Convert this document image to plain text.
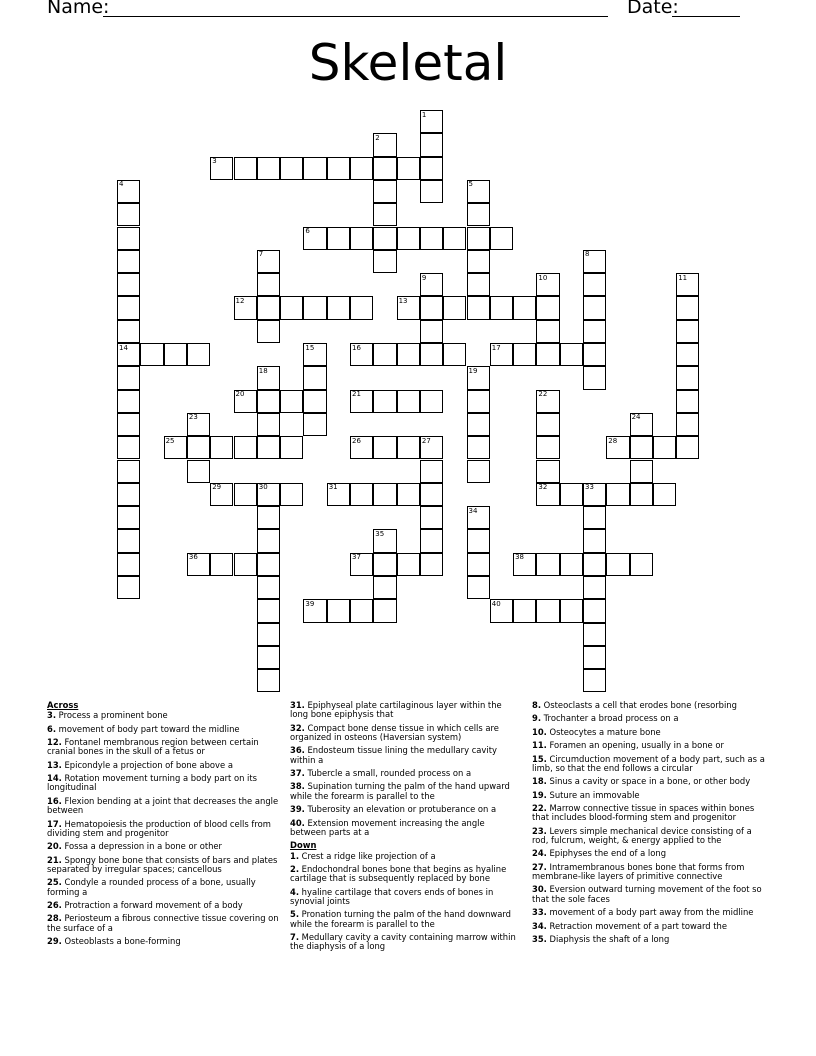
Name:	Date:
Skeletal
1
2
3
4	5
6
7	8
9	10	11
12	13
14	15	16	17
18	19
20	21	22
23	24
25	26	27	28
29	30	31	32	33
34
35
36	37	38
39	40
Across
3. Process a prominent bone
6. movement of body part toward the midline
12. Fontanel membranous region between certain cranial bones in the skull of a fetus or
13. Epicondyle a projection of bone above a
14. Rotation movement turning a body part on its longitudinal
16. Flexion bending at a joint that decreases the angle between
17. Hematopoiesis the production of blood cells from dividing stem and progenitor
20. Fossa a depression in a bone or other
21. Spongy bone bone that consists of bars and plates separated by irregular spaces; cancellous
25. Condyle a rounded process of a bone, usually forming a
26. Protraction a forward movement of a body
28. Periosteum a fibrous connective tissue covering on the surface of a
29. Osteoblasts a bone-forming
31. Epiphyseal plate cartilaginous layer within the long bone epiphysis that
32. Compact bone dense tissue in which cells are organized in osteons (Haversian system)
36. Endosteum tissue lining the medullary cavity within a
37. Tubercle a small, rounded process on a
38. Supination turning the palm of the hand upward while the forearm is parallel to the
39. Tuberosity an elevation or protuberance on a
40. Extension movement increasing the angle between parts at a
Down
1. Crest a ridge like projection of a
2. Endochondral bones bone that begins as hyaline cartilage that is subsequently replaced by bone
4. hyaline cartilage that covers ends of bones in synovial joints
5. Pronation turning the palm of the hand downward while the forearm is parallel to the
7. Medullary cavity a cavity containing marrow within the diaphysis of a long
8. Osteoclasts a cell that erodes bone (resorbing
9. Trochanter a broad process on a
10. Osteocytes a mature bone
11. Foramen an opening, usually in a bone or
15. Circumduction movement of a body part, such as a limb, so that the end follows a circular
18. Sinus a cavity or space in a bone, or other body
19. Suture an immovable
22. Marrow connective tissue in spaces within bones that includes blood-forming stem and progenitor
23. Levers simple mechanical device consisting of a rod, fulcrum, weight, & energy applied to the
24. Epiphyses the end of a long
27. Intramembranous bones bone that forms from membrane-like layers of primitive connective
30. Eversion outward turning movement of the foot so that the sole faces
33. movement of a body part away from the midline
34. Retraction movement of a part toward the
35. Diaphysis the shaft of a long
